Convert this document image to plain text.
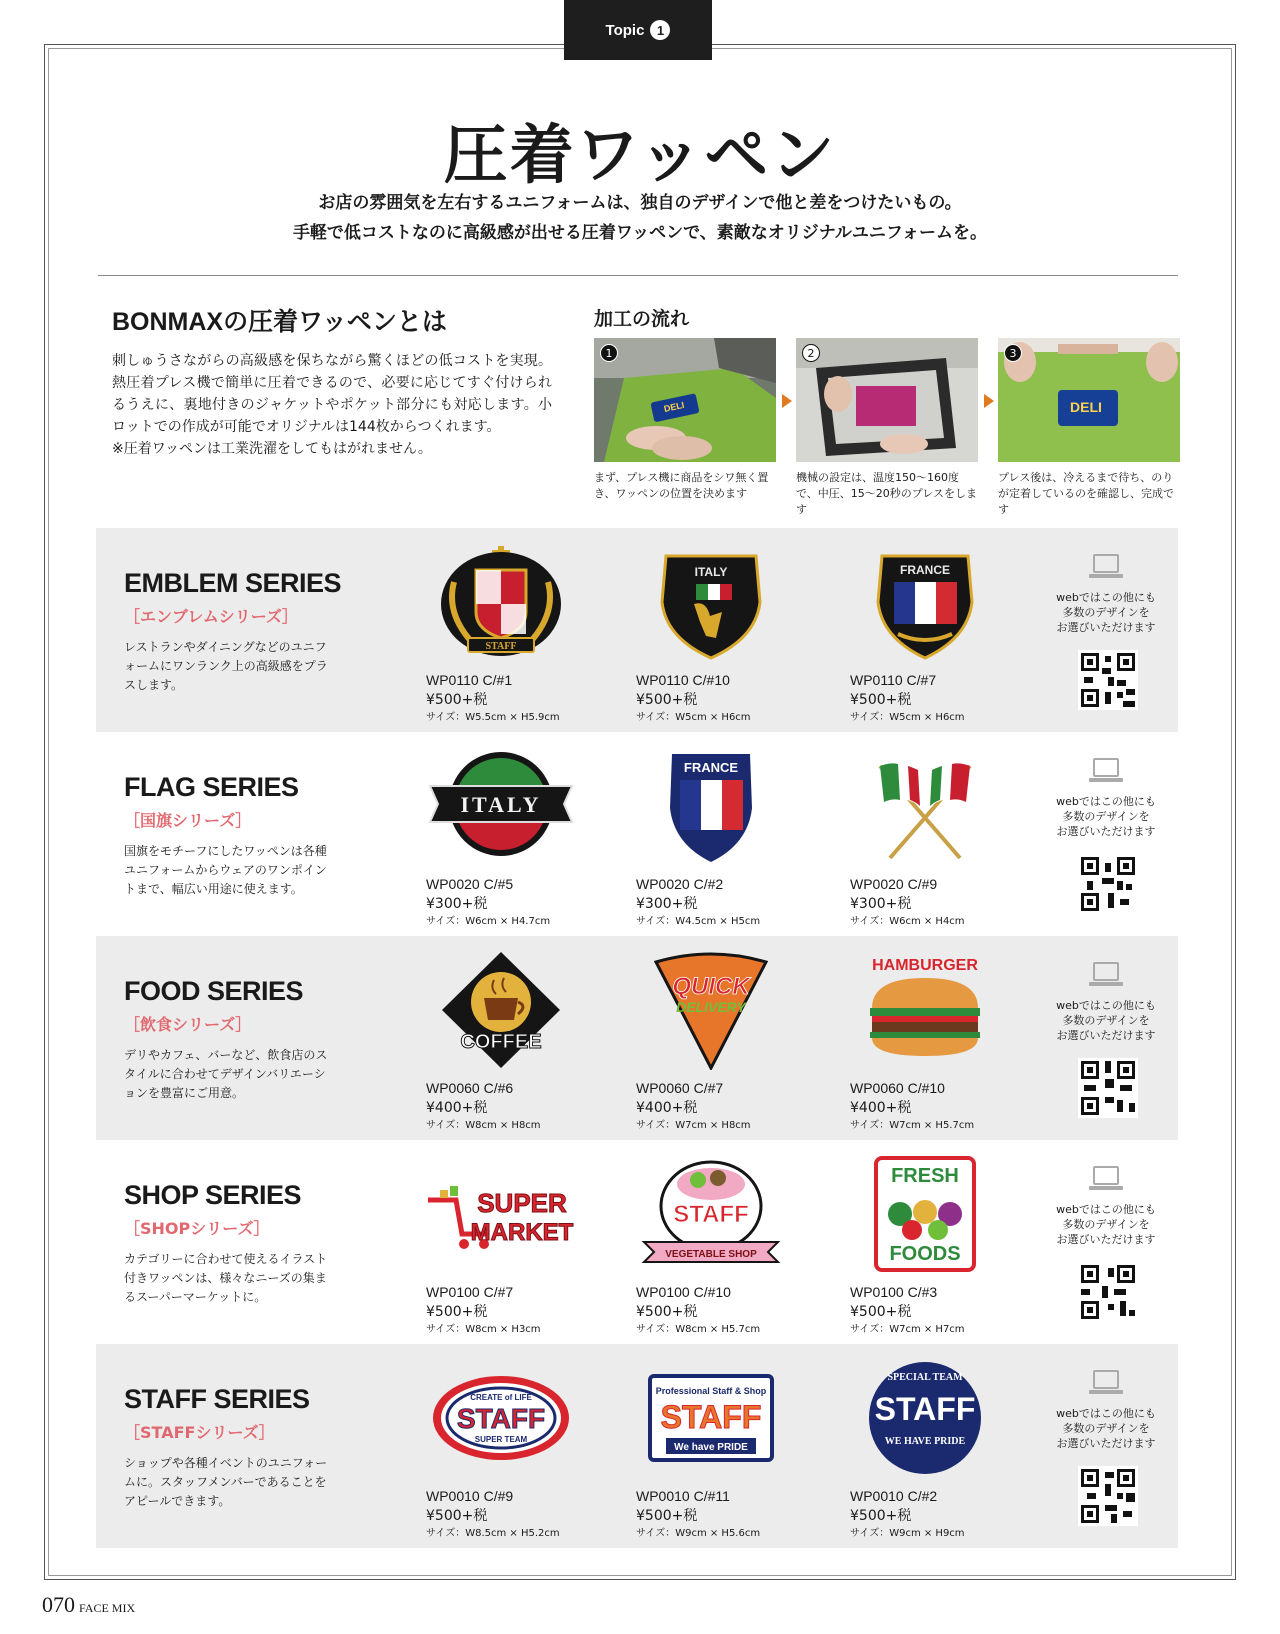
Topic 1
圧着ワッペン
お店の雰囲気を左右するユニフォームは、独自のデザインで他と差をつけたいもの。
手軽で低コストなのに高級感が出せる圧着ワッペンで、素敵なオリジナルユニフォームを。
BONMAXの圧着ワッペンとは

刺しゅうさながらの高級感を保ちながら驚くほどの低コストを実現。熱圧着プレス機で簡単に圧着できるので、必要に応じてすぐ付けられるうえに、裏地付きのジャケットやポケット部分にも対応します。小ロットでの作成が可能でオリジナルは144枚からつくれます。

※圧着ワッペンは工業洗濯をしてもはがれません。

加工の流れ
DELI
1
まず、プレス機に商品をシワ無く置き、ワッペンの位置を決めます
2
機械の設定は、温度150〜160度で、中圧、15〜20秒のプレスをします
DELI
3
プレス後は、冷えるまで待ち、のりが定着しているのを確認し、完成です
EMBLEM SERIES
［エンブレムシリーズ］
レストランやダイニングなどのユニフォームにワンランク上の高級感をプラスします。
STAFF
WP0110 C/#1
¥500+税
サイズ：W5.5cm × H5.9cm
ITALY
WP0110 C/#10
¥500+税
サイズ：W5cm × H6cm
FRANCE
WP0110 C/#7
¥500+税
サイズ：W5cm × H6cm
webではこの他にも
多数のデザインを
お選びいただけます
FLAG SERIES
［国旗シリーズ］
国旗をモチーフにしたワッペンは各種ユニフォームからウェアのワンポイントまで、幅広い用途に使えます。
ITALY
WP0020 C/#5
¥300+税
サイズ：W6cm × H4.7cm
FRANCE
WP0020 C/#2
¥300+税
サイズ：W4.5cm × H5cm
WP0020 C/#9
¥300+税
サイズ：W6cm × H4cm
webではこの他にも
多数のデザインを
お選びいただけます
FOOD SERIES
［飲食シリーズ］
デリやカフェ、バーなど、飲食店のスタイルに合わせてデザインバリエーションを豊富にご用意。
COFFEE
WP0060 C/#6
¥400+税
サイズ：W8cm × H8cm
QUICK
DELIVERY
WP0060 C/#7
¥400+税
サイズ：W7cm × H8cm
HAMBURGER
WP0060 C/#10
¥400+税
サイズ：W7cm × H5.7cm
webではこの他にも
多数のデザインを
お選びいただけます
SHOP SERIES
［SHOPシリーズ］
カテゴリーに合わせて使えるイラスト付きワッペンは、様々なニーズの集まるスーパーマーケットに。
SUPER
MARKET
WP0100 C/#7
¥500+税
サイズ：W8cm × H3cm
STAFF
VEGETABLE SHOP
WP0100 C/#10
¥500+税
サイズ：W8cm × H5.7cm
FRESH
FOODS
WP0100 C/#3
¥500+税
サイズ：W7cm × H7cm
webではこの他にも
多数のデザインを
お選びいただけます
STAFF SERIES
［STAFFシリーズ］
ショップや各種イベントのユニフォームに。スタッフメンバーであることをアピールできます。
CREATE of LIFE
STAFF
SUPER TEAM
WP0010 C/#9
¥500+税
サイズ：W8.5cm × H5.2cm
Professional Staff & Shop
STAFF
We have PRIDE
WP0010 C/#11
¥500+税
サイズ：W9cm × H5.6cm
SPECIAL TEAM
STAFF
WE HAVE PRIDE
WP0010 C/#2
¥500+税
サイズ：W9cm × H9cm
webではこの他にも
多数のデザインを
お選びいただけます
070 FACE MIX
